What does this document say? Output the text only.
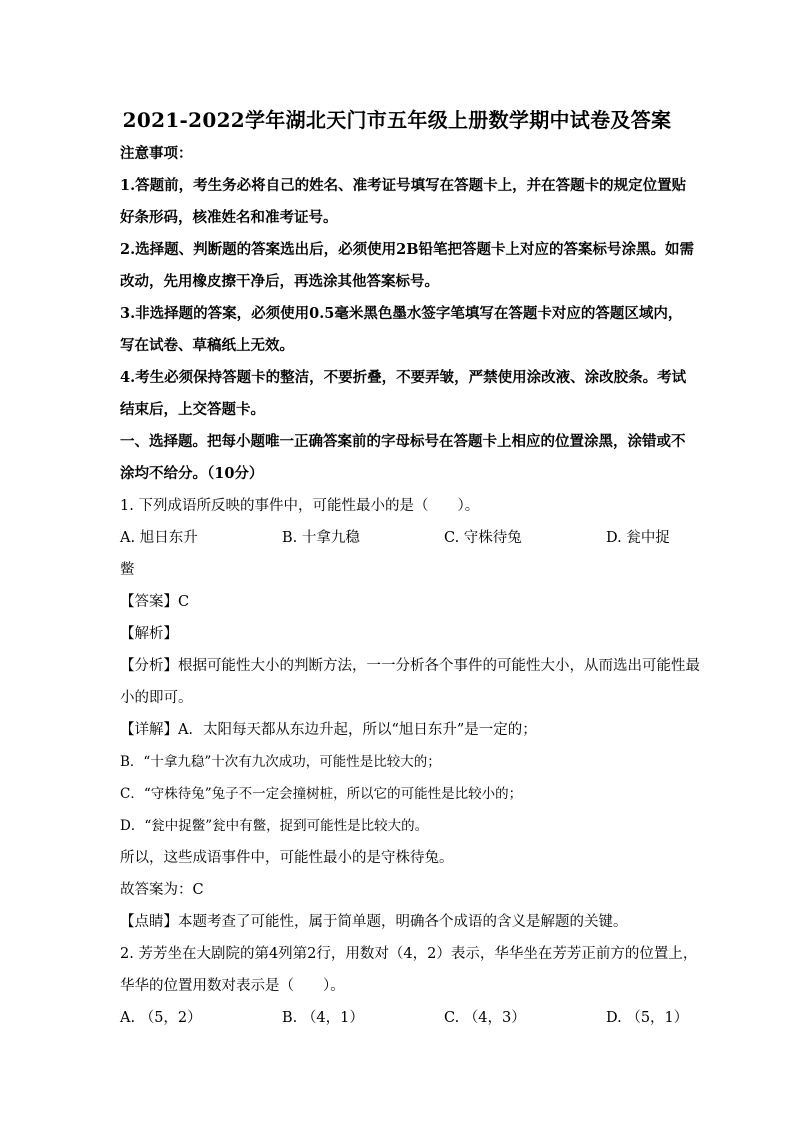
2021-2022学年湖北天门市五年级上册数学期中试卷及答案
注意事项：
1.答题前，考生务必将自己的姓名、准考证号填写在答题卡上，并在答题卡的规定位置贴
好条形码，核准姓名和准考证号。
2.选择题、判断题的答案选出后，必须使用2B铅笔把答题卡上对应的答案标号涂黑。如需
改动，先用橡皮擦干净后，再选涂其他答案标号。
3.非选择题的答案，必须使用0.5毫米黑色墨水签字笔填写在答题卡对应的答题区域内，
写在试卷、草稿纸上无效。
4.考生必须保持答题卡的整洁，不要折叠，不要弄皱，严禁使用涂改液、涂改胶条。考试
结束后，上交答题卡。
一、选择题。把每小题唯一正确答案前的字母标号在答题卡上相应的位置涂黑，涂错或不
涂均不给分。（10分）
1. 下列成语所反映的事件中，可能性最小的是（　　）。
A. 旭日东升	B. 十拿九稳	C. 守株待兔	D. 瓮中捉
鳖
【答案】C
【解析】
【分析】根据可能性大小的判断方法，一一分析各个事件的可能性大小，从而选出可能性最
小的即可。
【详解】A．太阳每天都从东边升起，所以“旭日东升”是一定的；
B．“十拿九稳”十次有九次成功，可能性是比较大的；
C．“守株待兔”兔子不一定会撞树桩，所以它的可能性是比较小的；
D．“瓮中捉鳖”瓮中有鳖，捉到可能性是比较大的。
所以，这些成语事件中，可能性最小的是守株待兔。
故答案为：C
【点睛】本题考查了可能性，属于简单题，明确各个成语的含义是解题的关键。
2. 芳芳坐在大剧院的第4列第2行，用数对（4，2）表示，华华坐在芳芳正前方的位置上，
华华的位置用数对表示是（　　）。
A. （5，2）	B. （4，1）	C. （4，3）	D. （5，1）
